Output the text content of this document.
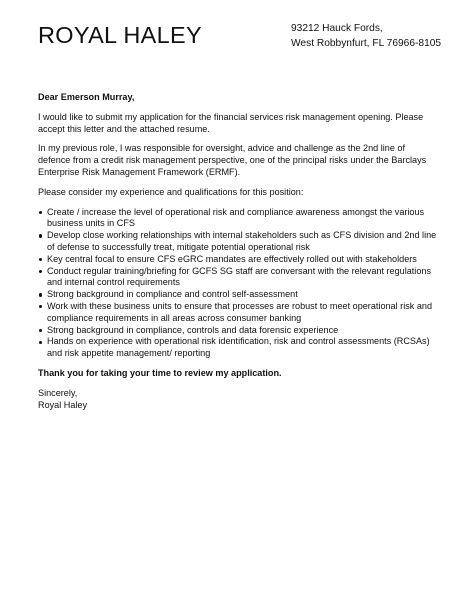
ROYAL HALEY	93212 Hauck Fords,
West Robbynfurt, FL 76966-8105

Dear Emerson Murray,

I would like to submit my application for the financial services risk management opening. Please accept this letter and the attached resume.

In my previous role, I was responsible for oversight, advice and challenge as the 2nd line of defence from a credit risk management perspective, one of the principal risks under the Barclays Enterprise Risk Management Framework (ERMF).

Please consider my experience and qualifications for this position:

Create / increase the level of operational risk and compliance awareness amongst the various business units in CFS
Develop close working relationships with internal stakeholders such as CFS division and 2nd line of defense to successfully treat, mitigate potential operational risk
Key central focal to ensure CFS eGRC mandates are effectively rolled out with stakeholders
Conduct regular training/briefing for GCFS SG staff are conversant with the relevant regulations and internal control requirements
Strong background in compliance and control self-assessment
Work with these business units to ensure that processes are robust to meet operational risk and compliance requirements in all areas across consumer banking
Strong background in compliance, controls and data forensic experience
Hands on experience with operational risk identification, risk and control assessments (RCSAs) and risk appetite management/ reporting

Thank you for taking your time to review my application.

Sincerely,
Royal Haley
